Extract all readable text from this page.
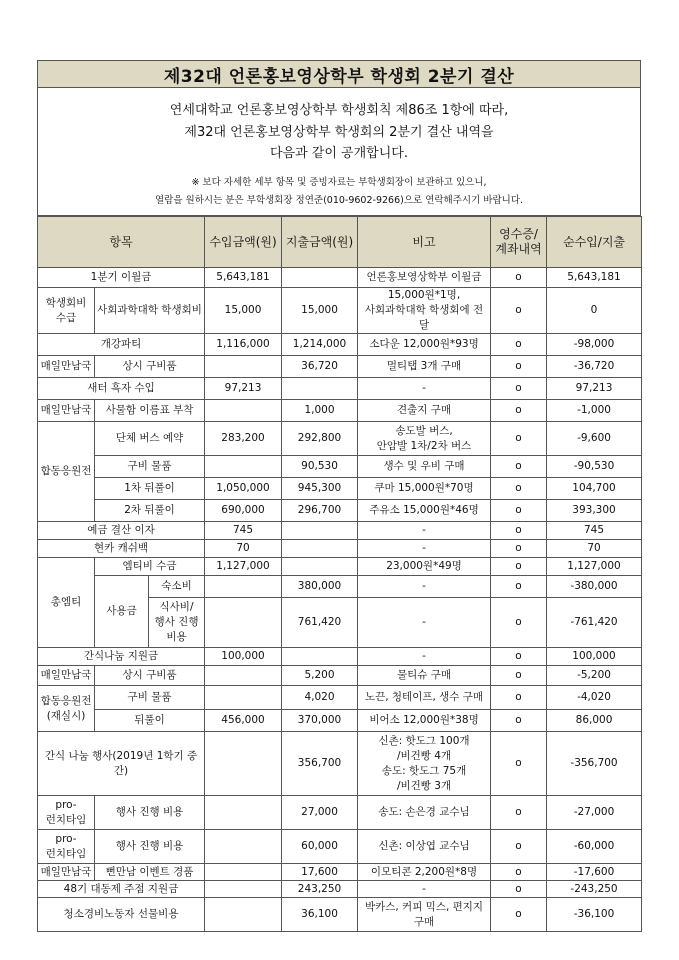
제32대 언론홍보영상학부 학생회 2분기 결산
연세대학교 언론홍보영상학부 학생회칙 제86조 1항에 따라,
제32대 언론홍보영상학부 학생회의 2분기 결산 내역을
다음과 같이 공개합니다.
※ 보다 자세한 세부 항목 및 증빙자료는 부학생회장이 보관하고 있으니,
열람을 원하시는 분은 부학생회장 정연준(010-9602-9266)으로 연락해주시기 바랍니다.
항목			수입금액(원)	지출금액(원)	비고	영수증/
계좌내역	순수입/지출
1분기 이월금			5,643,181		언론홍보영상학부 이월금	o	5,643,181
학생회비
수급	사회과학대학 학생회비		15,000	15,000	15,000원*1명,
사회과학대학 학생회에 전달	o	0
개강파티			1,116,000	1,214,000	소다운 12,000원*93명	o	-98,000
매일만남국	상시 구비품			36,720	멀티탭 3개 구매	o	-36,720
새터 흑자 수입			97,213		-	o	97,213
매일만남국	사물함 이름표 부착			1,000	견출지 구매	o	-1,000
합동응원전	단체 버스 예약		283,200	292,800	송도발 버스,
안암발 1차/2차 버스	o	-9,600
	구비 물품			90,530	생수 및 우비 구매	o	-90,530
	1차 뒤풀이		1,050,000	945,300	쿠마 15,000원*70명	o	104,700
	2차 뒤풀이		690,000	296,700	주유소 15,000원*46명	o	393,300
예금 결산 이자			745		-	o	745
현카 캐쉬백			70		-	o	70
총엠티	엠티비 수금		1,127,000		23,000원*49명	o	1,127,000
	사용금	숙소비		380,000	-	o	-380,000
		식사비/
행사 진행
비용		761,420	-	o	-761,420
간식나눔 지원금			100,000		-	o	100,000
매일만남국	상시 구비품			5,200	물티슈 구매	o	-5,200
합동응원전
(재실시)	구비 물품			4,020	노끈, 청테이프, 생수 구매	o	-4,020
	뒤풀이		456,000	370,000	비어소 12,000원*38명	o	86,000
간식 나눔 행사(2019년 1학기 중간)				356,700	신촌: 핫도그 100개
/비건빵 4개
송도: 핫도그 75개
/비건빵 3개	o	-356,700
pro-
런치타임	행사 진행 비용			27,000	송도: 손은경 교수님	o	-27,000
pro-
런치타임	행사 진행 비용			60,000	신촌: 이상엽 교수님	o	-60,000
매일만남국	뻔만남 이벤트 경품			17,600	이모티콘 2,200원*8명	o	-17,600
48기 대동제 주점 지원금				243,250	-	o	-243,250
청소경비노동자 선물비용				36,100	박카스, 커피 믹스, 편지지
구매	o	-36,100
